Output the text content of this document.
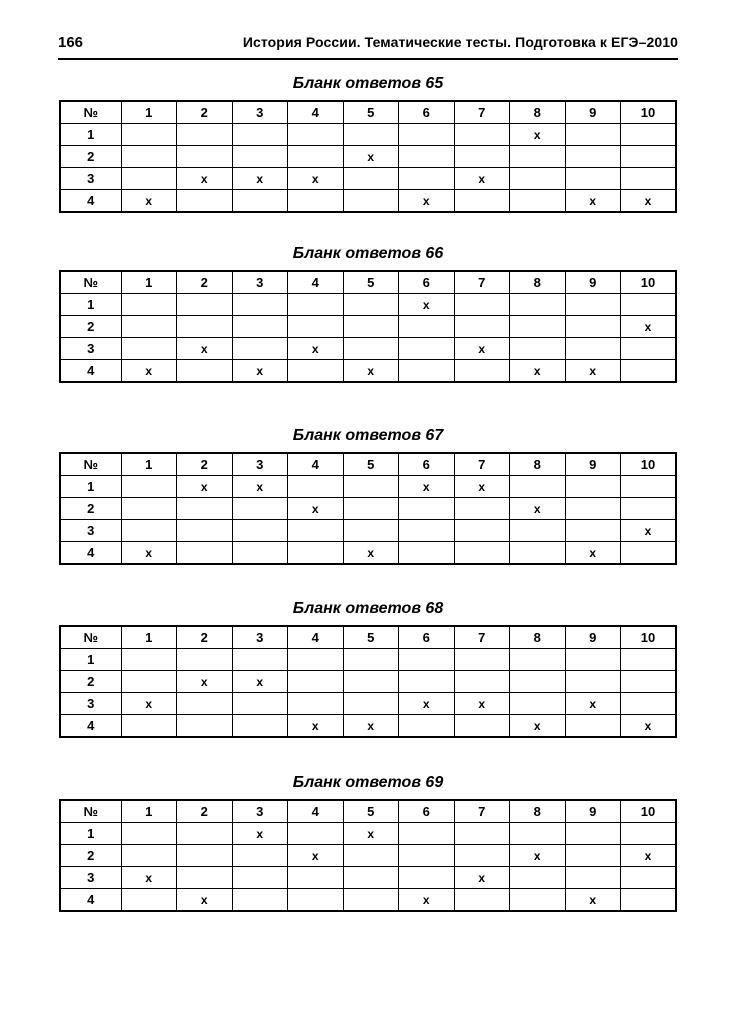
166	История России. Тематические тесты. Подготовка к ЕГЭ–2010
Бланк ответов 65
№	1	2	3	4	5	6	7	8	9	10
1								x		
2					x					
3		x	x	x			x			
4	x					x			x	x
Бланк ответов 66
№	1	2	3	4	5	6	7	8	9	10
1						x				
2										x
3		x		x			x			
4	x		x		x			x	x	
Бланк ответов 67
№	1	2	3	4	5	6	7	8	9	10
1		x	x			x	x			
2				x				x		
3										x
4	x				x				x	
Бланк ответов 68
№	1	2	3	4	5	6	7	8	9	10
1										
2		x	x							
3	x					x	x		x	
4				x	x			x		x
Бланк ответов 69
№	1	2	3	4	5	6	7	8	9	10
1			x		x					
2				x				x		x
3	x						x			
4		x				x			x	
